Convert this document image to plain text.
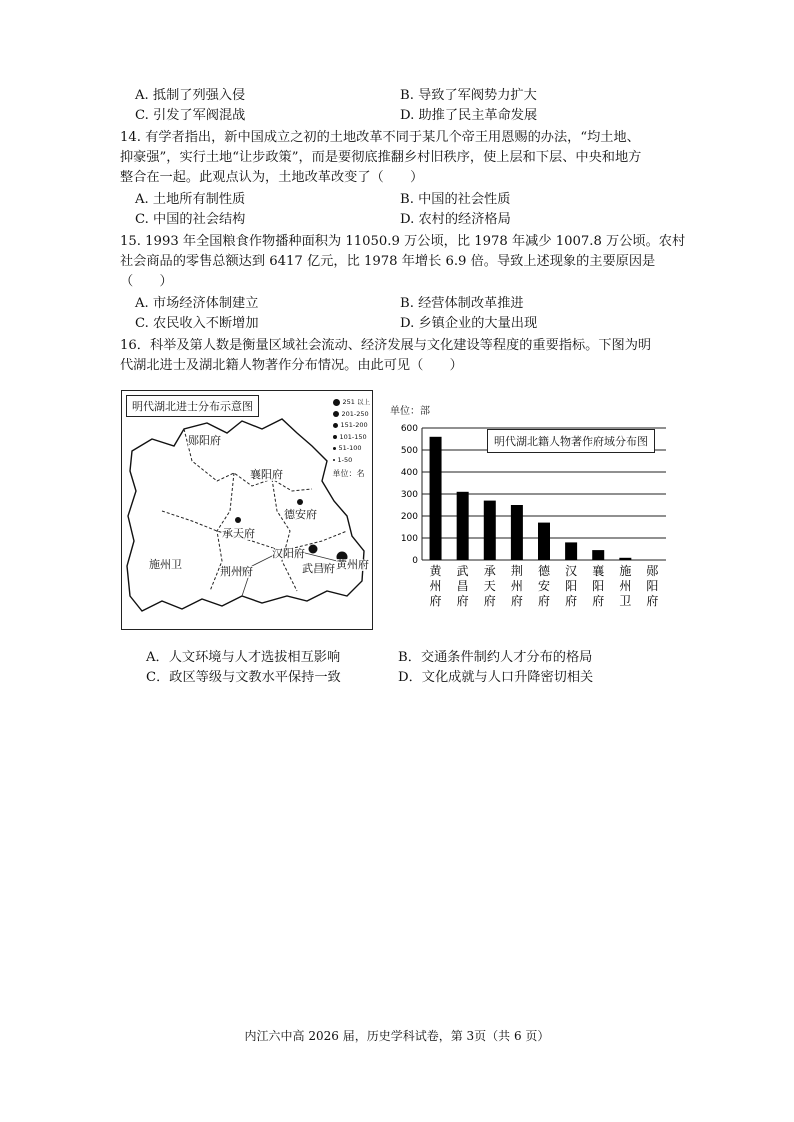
A. 抵制了列强入侵	B. 导致了军阀势力扩大
C. 引发了军阀混战	D. 助推了民主革命发展
14. 有学者指出，新中国成立之初的土地改革不同于某几个帝王用恩赐的办法，“均土地、
抑豪强”，实行土地“让步政策”，而是要彻底推翻乡村旧秩序，使上层和下层、中央和地方
整合在一起。此观点认为，土地改革改变了（　　）
A. 土地所有制性质	B. 中国的社会性质
C. 中国的社会结构	D. 农村的经济格局
15. 1993 年全国粮食作物播种面积为 11050.9 万公顷，比 1978 年减少 1007.8 万公顷。农村
社会商品的零售总额达到 6417 亿元，比 1978 年增长 6.9 倍。导致上述现象的主要原因是
（　　）
A. 市场经济体制建立	B. 经营体制改革推进
C. 农民收入不断增加	D. 乡镇企业的大量出现
16．科举及第人数是衡量区域社会流动、经济发展与文化建设等程度的重要指标。下图为明
代湖北进士及湖北籍人物著作分布情况。由此可见（　　）
明代湖北进士分布示意图	251 以上
201-250
151-200
101-150
51-100
1-50
单位：名
郧阳府
襄阳府
德安府
承天府
汉阳府
武昌府 黄州府
荆州府
施州卫
单位：部
0
100
200
300
400
500
600
黄
州
府
武
昌
府
承
天
府
荆
州
府
德
安
府
汉
阳
府
襄
阳
府
施
州
卫
郧
阳
府
明代湖北籍人物著作府域分布图
A．人文环境与人才选拔相互影响	B．交通条件制约人才分布的格局
C．政区等级与文教水平保持一致	D．文化成就与人口升降密切相关
内江六中高 2026 届，历史学科试卷，第 3页（共 6 页）
